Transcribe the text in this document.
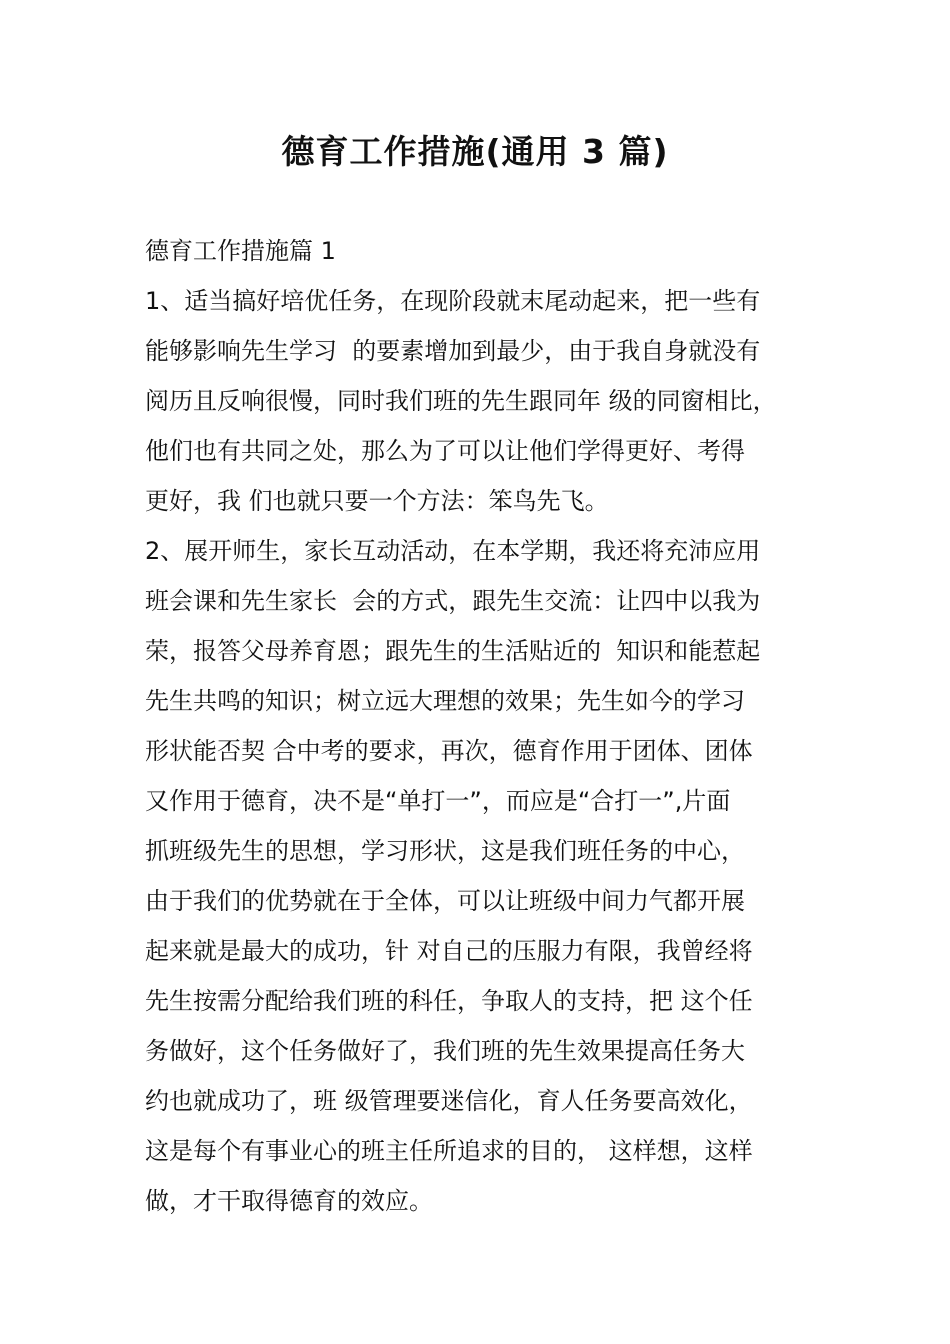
德育工作措施(通用 3 篇)
德育工作措施篇 1
1、适当搞好培优任务，在现阶段就末尾动起来，把一些有
能够影响先生学习  的要素增加到最少，由于我自身就没有
阅历且反响很慢，同时我们班的先生跟同年 级的同窗相比，
他们也有共同之处，那么为了可以让他们学得更好、考得
更好，我 们也就只要一个方法：笨鸟先飞。
2、展开师生，家长互动活动，在本学期，我还将充沛应用
班会课和先生家长  会的方式，跟先生交流：让四中以我为
荣，报答父母养育恩；跟先生的生活贴近的  知识和能惹起
先生共鸣的知识；树立远大理想的效果；先生如今的学习
形状能否契 合中考的要求，再次，德育作用于团体、团体
又作用于德育，决不是“单打一”，而应是“合打一”,片面
抓班级先生的思想，学习形状，这是我们班任务的中心，
由于我们的优势就在于全体，可以让班级中间力气都开展
起来就是最大的成功，针 对自己的压服力有限，我曾经将
先生按需分配给我们班的科任，争取人的支持，把 这个任
务做好，这个任务做好了，我们班的先生效果提高任务大
约也就成功了，班 级管理要迷信化，育人任务要高效化，
这是每个有事业心的班主任所追求的目的， 这样想，这样
做，才干取得德育的效应。
